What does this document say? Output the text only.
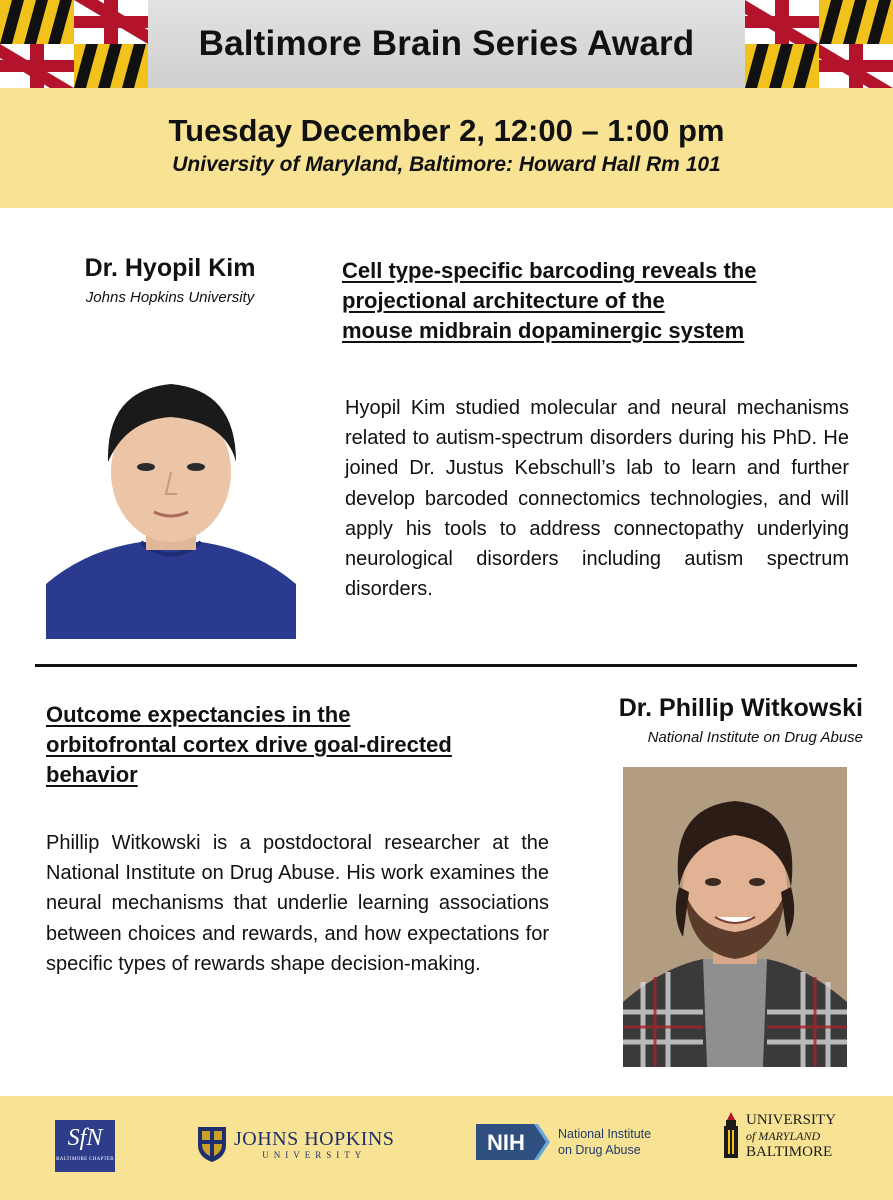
Baltimore Brain Series Award
Tuesday December 2, 12:00 – 1:00 pm
University of Maryland, Baltimore: Howard Hall Rm 101
Dr. Hyopil Kim
Johns Hopkins University
Cell type-specific barcoding reveals the
projectional architecture of the
mouse midbrain dopaminergic system
Hyopil Kim studied molecular and neural mechanisms related to autism-spectrum disorders during his PhD. He joined Dr. Justus Kebschull’s lab to learn and further develop barcoded connectomics technologies, and will apply his tools to address connectopathy underlying neurological disorders including autism spectrum disorders.
Outcome expectancies in the
orbitofrontal cortex drive goal-directed
behavior
Dr. Phillip Witkowski
National Institute on Drug Abuse
Phillip Witkowski is a postdoctoral researcher at the National Institute on Drug Abuse. His work examines the neural mechanisms that underlie learning associations between choices and rewards, and how expectations for specific types of rewards shape decision-making.
SfN
BALTIMORE CHAPTER
JOHNS HOPKINS
UNIVERSITY	NIH	National Institute
on Drug Abuse
UNIVERSITY
of MARYLAND
BALTIMORE
